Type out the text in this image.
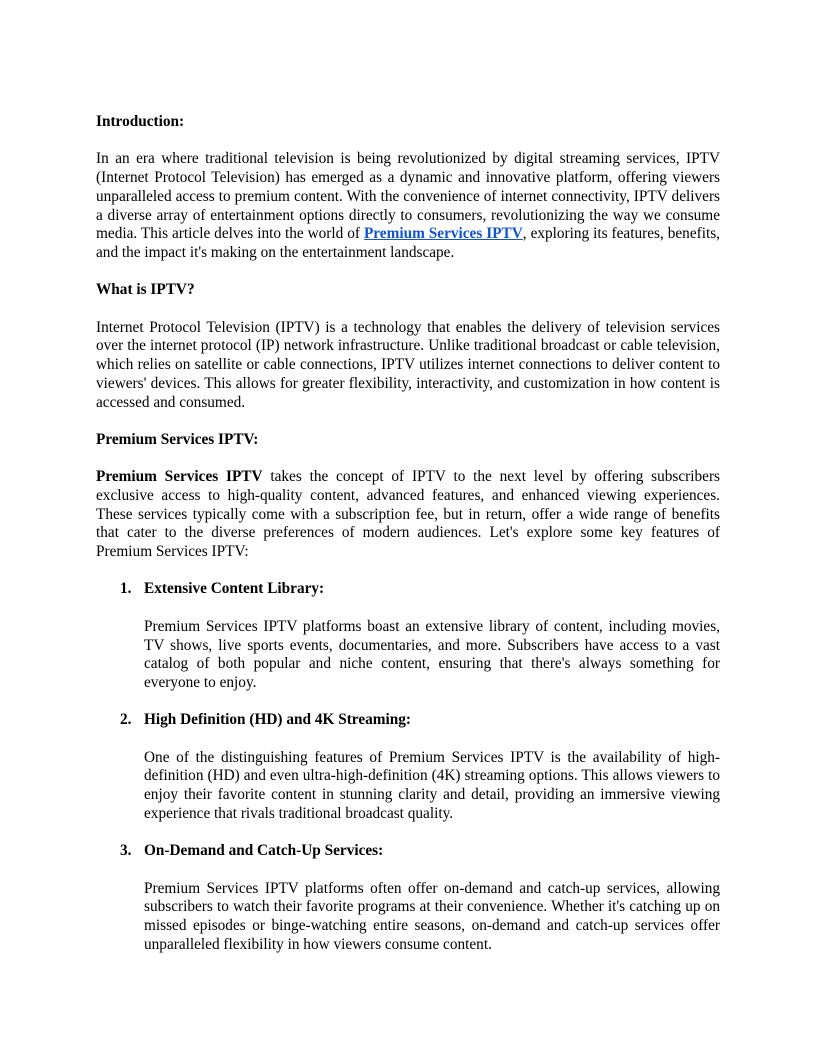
Introduction:

In an era where traditional television is being revolutionized by digital streaming services, IPTV (Internet Protocol Television) has emerged as a dynamic and innovative platform, offering viewers unparalleled access to premium content. With the convenience of internet connectivity, IPTV delivers a diverse array of entertainment options directly to consumers, revolutionizing the way we consume media. This article delves into the world of Premium Services IPTV, exploring its features, benefits, and the impact it's making on the entertainment landscape.

What is IPTV?

Internet Protocol Television (IPTV) is a technology that enables the delivery of television services over the internet protocol (IP) network infrastructure. Unlike traditional broadcast or cable television, which relies on satellite or cable connections, IPTV utilizes internet connections to deliver content to viewers' devices. This allows for greater flexibility, interactivity, and customization in how content is accessed and consumed.

Premium Services IPTV:

Premium Services IPTV takes the concept of IPTV to the next level by offering subscribers exclusive access to high-quality content, advanced features, and enhanced viewing experiences. These services typically come with a subscription fee, but in return, offer a wide range of benefits that cater to the diverse preferences of modern audiences. Let's explore some key features of Premium Services IPTV:

1. Extensive Content Library:

Premium Services IPTV platforms boast an extensive library of content, including movies, TV shows, live sports events, documentaries, and more. Subscribers have access to a vast catalog of both popular and niche content, ensuring that there's always something for everyone to enjoy.

2. High Definition (HD) and 4K Streaming:

One of the distinguishing features of Premium Services IPTV is the availability of high-definition (HD) and even ultra-high-definition (4K) streaming options. This allows viewers to enjoy their favorite content in stunning clarity and detail, providing an immersive viewing experience that rivals traditional broadcast quality.

3. On-Demand and Catch-Up Services:

Premium Services IPTV platforms often offer on-demand and catch-up services, allowing subscribers to watch their favorite programs at their convenience. Whether it's catching up on missed episodes or binge-watching entire seasons, on-demand and catch-up services offer unparalleled flexibility in how viewers consume content.
